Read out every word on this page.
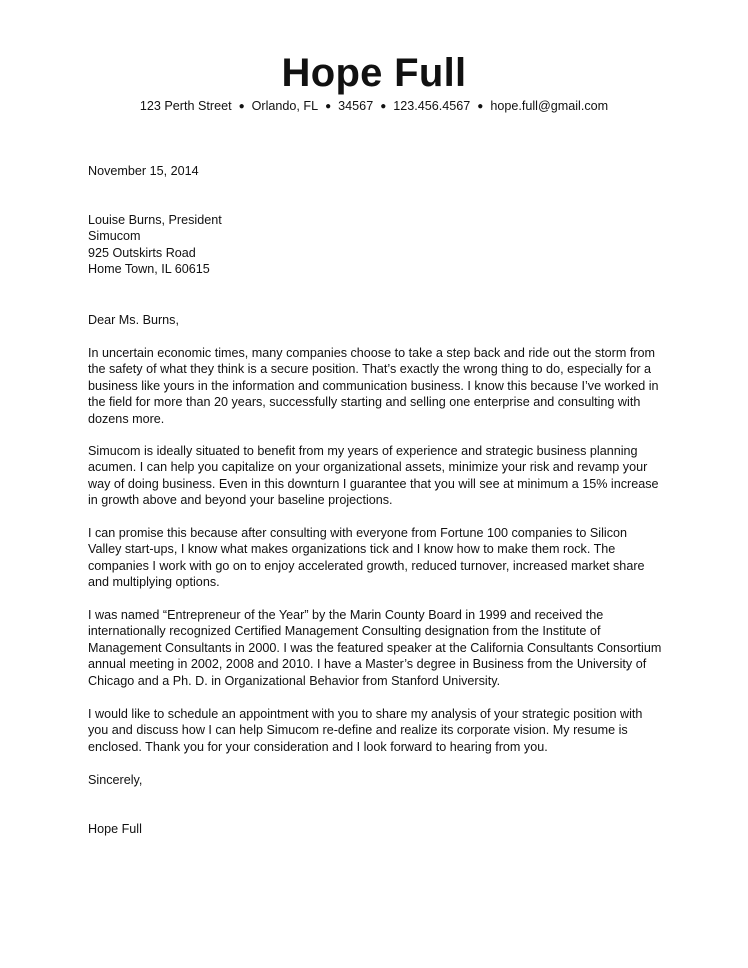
Hope Full
123 Perth Street ● Orlando, FL ● 34567 ● 123.456.4567 ● hope.full@gmail.com
November 15, 2014
Louise Burns, President
Simucom
925 Outskirts Road
Home Town, IL 60615
Dear Ms. Burns,
In uncertain economic times, many companies choose to take a step back and ride out the storm from the safety of what they think is a secure position. That’s exactly the wrong thing to do, especially for a business like yours in the information and communication business. I know this because I’ve worked in the field for more than 20 years, successfully starting and selling one enterprise and consulting with dozens more.
Simucom is ideally situated to benefit from my years of experience and strategic business planning acumen. I can help you capitalize on your organizational assets, minimize your risk and revamp your way of doing business. Even in this downturn I guarantee that you will see at minimum a 15% increase in growth above and beyond your baseline projections.
I can promise this because after consulting with everyone from Fortune 100 companies to Silicon Valley start-ups, I know what makes organizations tick and I know how to make them rock. The companies I work with go on to enjoy accelerated growth, reduced turnover, increased market share and multiplying options.
I was named “Entrepreneur of the Year” by the Marin County Board in 1999 and received the internationally recognized Certified Management Consulting designation from the Institute of Management Consultants in 2000. I was the featured speaker at the California Consultants Consortium annual meeting in 2002, 2008 and 2010. I have a Master’s degree in Business from the University of Chicago and a Ph. D. in Organizational Behavior from Stanford University.
I would like to schedule an appointment with you to share my analysis of your strategic position with you and discuss how I can help Simucom re-define and realize its corporate vision. My resume is enclosed. Thank you for your consideration and I look forward to hearing from you.
Sincerely,
Hope Full
